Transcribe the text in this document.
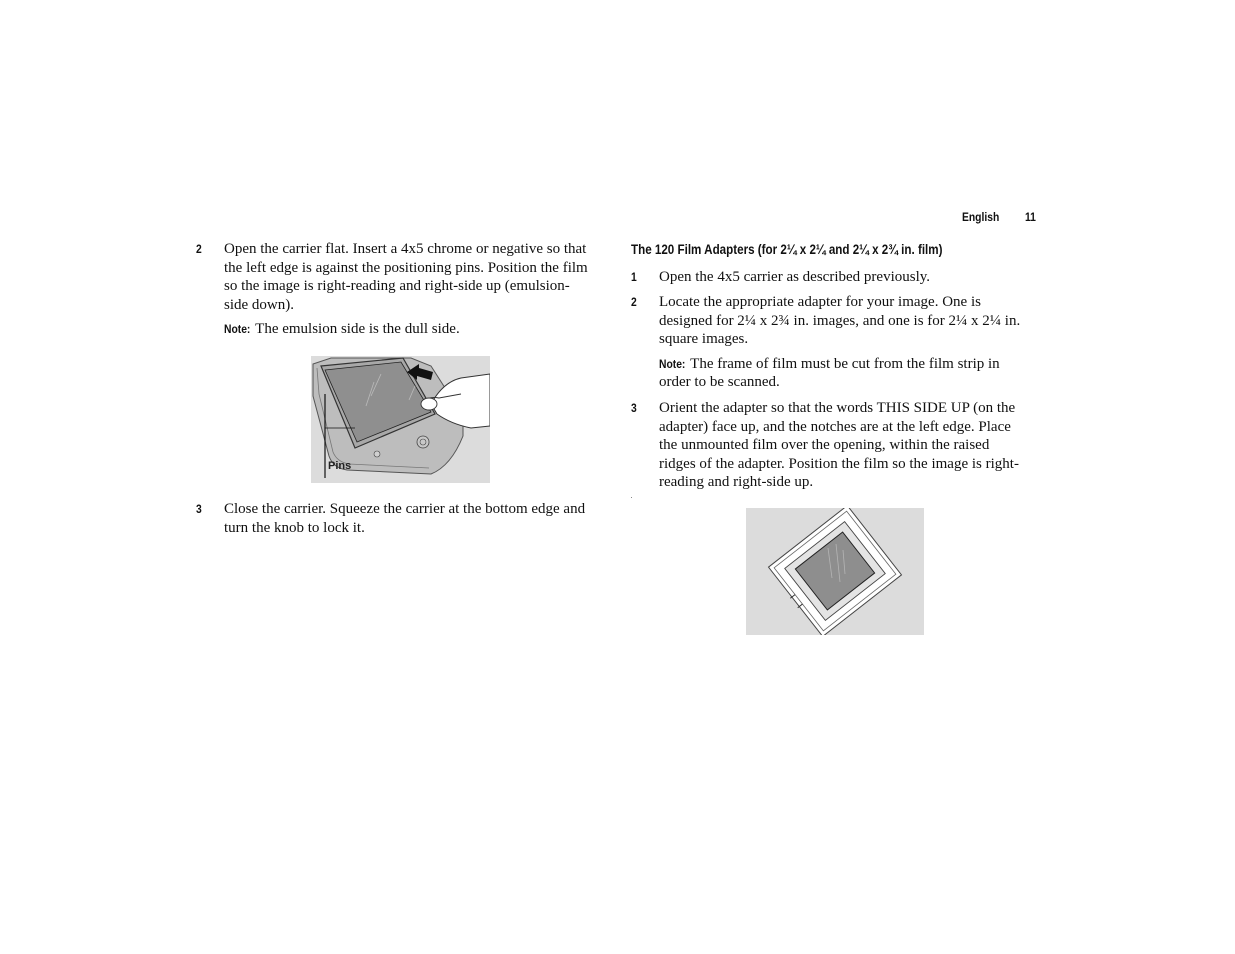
English 11
2 Open the carrier flat. Insert a 4x5 chrome or negative so that
the left edge is against the positioning pins. Position the film
so the image is right-reading and right-side up (emulsion-
side down).
Note: The emulsion side is the dull side.
Pins
3 Close the carrier. Squeeze the carrier at the bottom edge and
turn the knob to lock it.
The 120 Film Adapters (for 2¼ x 2¼ and 2¼ x 2¾ in. film)
1 Open the 4x5 carrier as described previously.
2 Locate the appropriate adapter for your image. One is
designed for 2¼ x 2¾ in. images, and one is for 2¼ x 2¼ in.
square images.
Note: The frame of film must be cut from the film strip in
order to be scanned.
3 Orient the adapter so that the words THIS SIDE UP (on the
adapter) face up, and the notches are at the left edge. Place
the unmounted film over the opening, within the raised
ridges of the adapter. Position the film so the image is right-
reading and right-side up.
